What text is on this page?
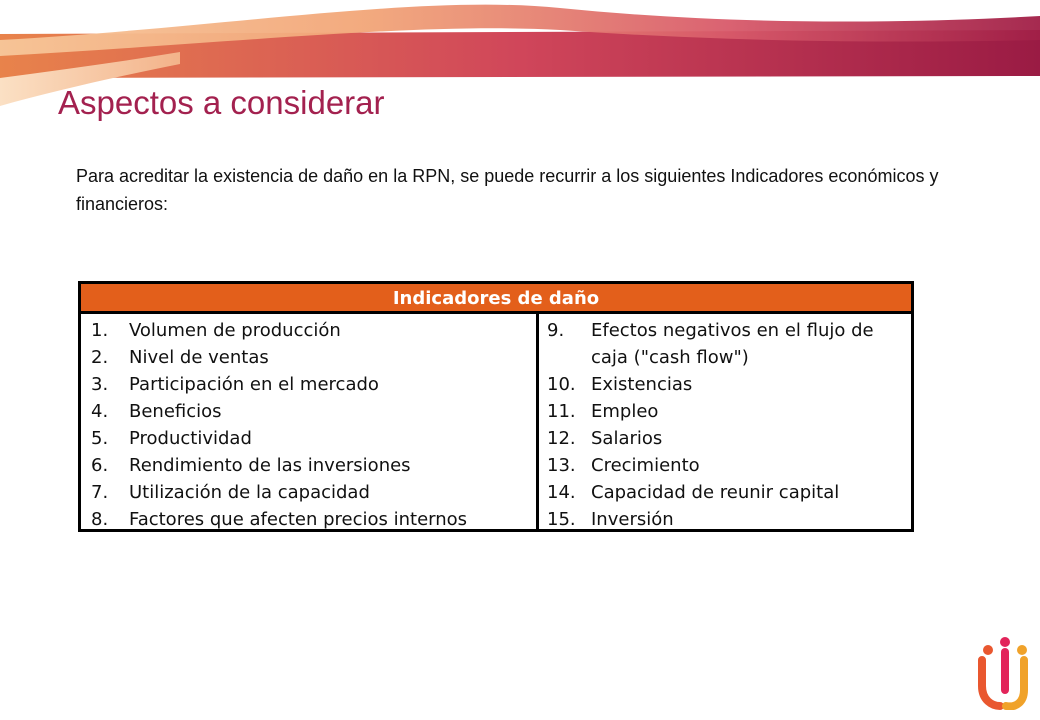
Aspectos a considerar

Para acreditar la existencia de daño en la RPN, se puede recurrir a los siguientes Indicadores económicos y financieros:

Indicadores de daño
1.	Volumen de producción
2.	Nivel de ventas
3.	Participación en el mercado
4.	Beneficios
5.	Productividad
6.	Rendimiento de las inversiones
7.	Utilización de la capacidad
8.	Factores que afecten precios internos
9.	Efectos negativos en el flujo de caja ("cash flow")
10. Existencias
11. Empleo
12. Salarios
13. Crecimiento
14. Capacidad de reunir capital
15. Inversión
